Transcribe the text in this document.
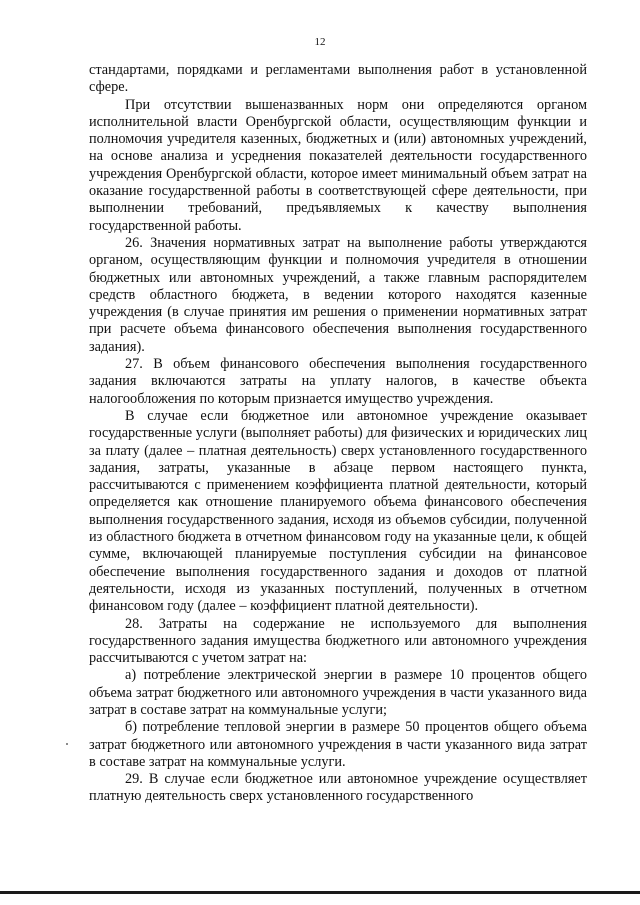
12

стандартами, порядками и регламентами выполнения работ в установленной сфере.

При отсутствии вышеназванных норм они определяются органом исполнительной власти Оренбургской области, осуществляющим функции и полномочия учредителя казенных, бюджетных и (или) автономных учреждений, на основе анализа и усреднения показателей деятельности государственного учреждения Оренбургской области, которое имеет минимальный объем затрат на оказание государственной работы в соответствующей сфере деятельности, при выполнении требований, предъявляемых к качеству выполнения государственной работы.

26. Значения нормативных затрат на выполнение работы утверждаются органом, осуществляющим функции и полномочия учредителя в отношении бюджетных или автономных учреждений, а также главным распорядителем средств областного бюджета, в ведении которого находятся казенные учреждения (в случае принятия им решения о применении нормативных затрат при расчете объема финансового обеспечения выполнения государственного задания).

27. В объем финансового обеспечения выполнения государственного задания включаются затраты на уплату налогов, в качестве объекта налогообложения по которым признается имущество учреждения.

В случае если бюджетное или автономное учреждение оказывает государственные услуги (выполняет работы) для физических и юридических лиц за плату (далее – платная деятельность) сверх установленного государственного задания, затраты, указанные в абзаце первом настоящего пункта, рассчитываются с применением коэффициента платной деятельности, который определяется как отношение планируемого объема финансового обеспечения выполнения государственного задания, исходя из объемов субсидии, полученной из областного бюджета в отчетном финансовом году на указанные цели, к общей сумме, включающей планируемые поступления субсидии на финансовое обеспечение выполнения государственного задания и доходов от платной деятельности, исходя из указанных поступлений, полученных в отчетном финансовом году (далее – коэффициент платной деятельности).

28. Затраты на содержание не используемого для выполнения государственного задания имущества бюджетного или автономного учреждения рассчитываются с учетом затрат на:

а) потребление электрической энергии в размере 10 процентов общего объема затрат бюджетного или автономного учреждения в части указанного вида затрат в составе затрат на коммунальные услуги;

б) потребление тепловой энергии в размере 50 процентов общего объема затрат бюджетного или автономного учреждения в части указанного вида затрат в составе затрат на коммунальные услуги.

29. В случае если бюджетное или автономное учреждение осуществляет платную деятельность сверх установленного государственного
